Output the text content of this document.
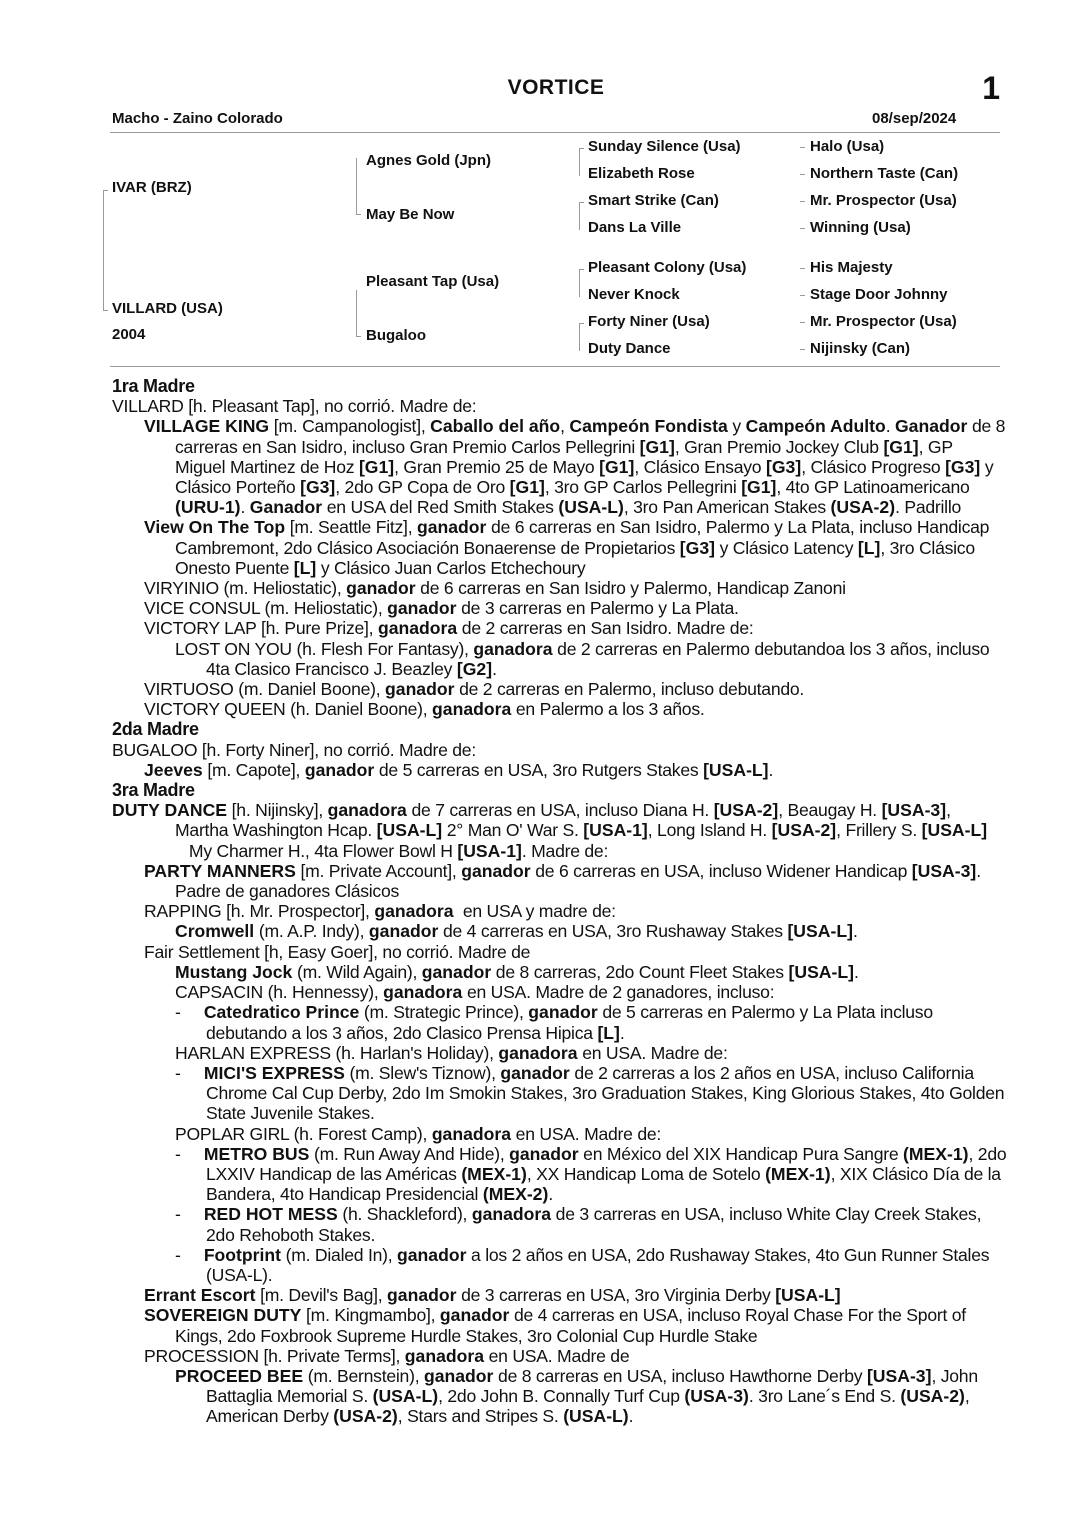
VORTICE	1
Macho - Zaino Colorado	08/sep/2024
IVAR (BRZ)
VILLARD (USA)
2004
Agnes Gold (Jpn)
May Be Now
Pleasant Tap (Usa)
Bugaloo
Sunday Silence (Usa)
Elizabeth Rose
Smart Strike (Can)
Dans La Ville
Pleasant Colony (Usa)
Never Knock
Forty Niner (Usa)
Duty Dance
Halo (Usa)
Northern Taste (Can)
Mr. Prospector (Usa)
Winning (Usa)
His Majesty
Stage Door Johnny
Mr. Prospector (Usa)
Nijinsky (Can)

1ra Madre

VILLARD [h. Pleasant Tap], no corrió. Madre de:

VILLAGE KING [m. Campanologist], Caballo del año, Campeón Fondista y Campeón Adulto. Ganador de 8 carreras en San Isidro, incluso Gran Premio Carlos Pellegrini [G1], Gran Premio Jockey Club [G1], GP Miguel Martinez de Hoz [G1], Gran Premio 25 de Mayo [G1], Clásico Ensayo [G3], Clásico Progreso [G3] y Clásico Porteño [G3], 2do GP Copa de Oro [G1], 3ro GP Carlos Pellegrini [G1], 4to GP Latinoamericano (URU-1). Ganador en USA del Red Smith Stakes (USA-L), 3ro Pan American Stakes (USA-2). Padrillo

View On The Top [m. Seattle Fitz], ganador de 6 carreras en San Isidro, Palermo y La Plata, incluso Handicap Cambremont, 2do Clásico Asociación Bonaerense de Propietarios [G3] y Clásico Latency [L], 3ro Clásico Onesto Puente [L] y Clásico Juan Carlos Etchechoury

VIRYINIO (m. Heliostatic), ganador de 6 carreras en San Isidro y Palermo, Handicap Zanoni

VICE CONSUL (m. Heliostatic), ganador de 3 carreras en Palermo y La Plata.

VICTORY LAP [h. Pure Prize], ganadora de 2 carreras en San Isidro. Madre de:

LOST ON YOU (h. Flesh For Fantasy), ganadora de 2 carreras en Palermo debutandoa los 3 años, incluso 4ta Clasico Francisco J. Beazley [G2].

VIRTUOSO (m. Daniel Boone), ganador de 2 carreras en Palermo, incluso debutando.

VICTORY QUEEN (h. Daniel Boone), ganadora en Palermo a los 3 años.

2da Madre

BUGALOO [h. Forty Niner], no corrió. Madre de:

Jeeves [m. Capote], ganador de 5 carreras en USA, 3ro Rutgers Stakes [USA-L].

3ra Madre

DUTY DANCE [h. Nijinsky], ganadora de 7 carreras en USA, incluso Diana H. [USA-2], Beaugay H. [USA-3], Martha Washington Hcap. [USA-L] 2° Man O' War S. [USA-1], Long Island H. [USA-2], Frillery S. [USA-L]   My Charmer H., 4ta Flower Bowl H [USA-1]. Madre de:

PARTY MANNERS [m. Private Account], ganador de 6 carreras en USA, incluso Widener Handicap [USA-3]. Padre de ganadores Clásicos

RAPPING [h. Mr. Prospector], ganadora  en USA y madre de:

Cromwell (m. A.P. Indy), ganador de 4 carreras en USA, 3ro Rushaway Stakes [USA-L].

Fair Settlement [h, Easy Goer], no corrió. Madre de

Mustang Jock (m. Wild Again), ganador de 8 carreras, 2do Count Fleet Stakes [USA-L].

CAPSACIN (h. Hennessy), ganadora en USA. Madre de 2 ganadores, incluso:

-     Catedratico Prince (m. Strategic Prince), ganador de 5 carreras en Palermo y La Plata incluso debutando a los 3 años, 2do Clasico Prensa Hipica [L].

HARLAN EXPRESS (h. Harlan's Holiday), ganadora en USA. Madre de:

-     MICI'S EXPRESS (m. Slew's Tiznow), ganador de 2 carreras a los 2 años en USA, incluso California Chrome Cal Cup Derby, 2do Im Smokin Stakes, 3ro Graduation Stakes, King Glorious Stakes, 4to Golden State Juvenile Stakes.

POPLAR GIRL (h. Forest Camp), ganadora en USA. Madre de:

-     METRO BUS (m. Run Away And Hide), ganador en México del XIX Handicap Pura Sangre (MEX-1), 2do LXXIV Handicap de las Américas (MEX-1), XX Handicap Loma de Sotelo (MEX-1), XIX Clásico Día de la Bandera, 4to Handicap Presidencial (MEX-2).

-     RED HOT MESS (h. Shackleford), ganadora de 3 carreras en USA, incluso White Clay Creek Stakes, 2do Rehoboth Stakes.

-     Footprint (m. Dialed In), ganador a los 2 años en USA, 2do Rushaway Stakes, 4to Gun Runner Stales (USA-L).

Errant Escort [m. Devil's Bag], ganador de 3 carreras en USA, 3ro Virginia Derby [USA-L]

SOVEREIGN DUTY [m. Kingmambo], ganador de 4 carreras en USA, incluso Royal Chase For the Sport of Kings, 2do Foxbrook Supreme Hurdle Stakes, 3ro Colonial Cup Hurdle Stake

PROCESSION [h. Private Terms], ganadora en USA. Madre de

PROCEED BEE (m. Bernstein), ganador de 8 carreras en USA, incluso Hawthorne Derby [USA-3], John Battaglia Memorial S. (USA-L), 2do John B. Connally Turf Cup (USA-3). 3ro Lane´s End S. (USA-2), American Derby (USA-2), Stars and Stripes S. (USA-L).
